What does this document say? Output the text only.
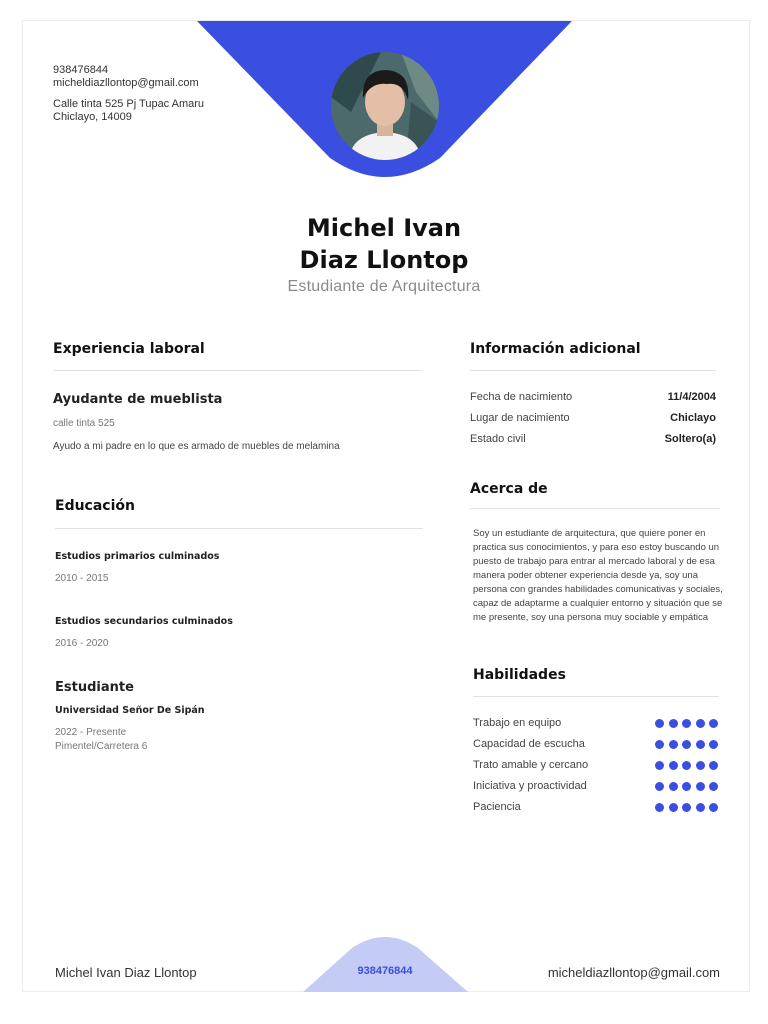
938476844
micheldiazllontop@gmail.com
Calle tinta 525 Pj Tupac Amaru
Chiclayo, 14009
Michel Ivan
Diaz Llontop
Estudiante de Arquitectura
Experiencia laboral
Ayudante de mueblista
calle tinta 525
Ayudo a mi padre en lo que es armado de muebles de melamina
Educación
Estudios primarios culminados
2010 - 2015
Estudios secundarios culminados
2016 - 2020
Estudiante
Universidad Señor De Sipán
2022 - Presente
Pimentel/Carretera 6
Información adicional
Fecha de nacimiento	11/4/2004
Lugar de nacimiento	Chiclayo
Estado civil	Soltero(a)
Acerca de
Soy un estudiante de arquitectura, que quiere poner en practica sus conocimientos, y para eso estoy buscando un puesto de trabajo para entrar al mercado laboral y de esa manera poder obtener experiencia desde ya, soy una persona con grandes habilidades comunicativas y sociales, capaz de adaptarme a cualquier entorno y situación que se me presente, soy una persona muy sociable y empática
Habilidades
Trabajo en equipo
Capacidad de escucha
Trato amable y cercano
Iniciativa y proactividad
Paciencia
Michel Ivan Diaz Llontop	938476844	micheldiazllontop@gmail.com
